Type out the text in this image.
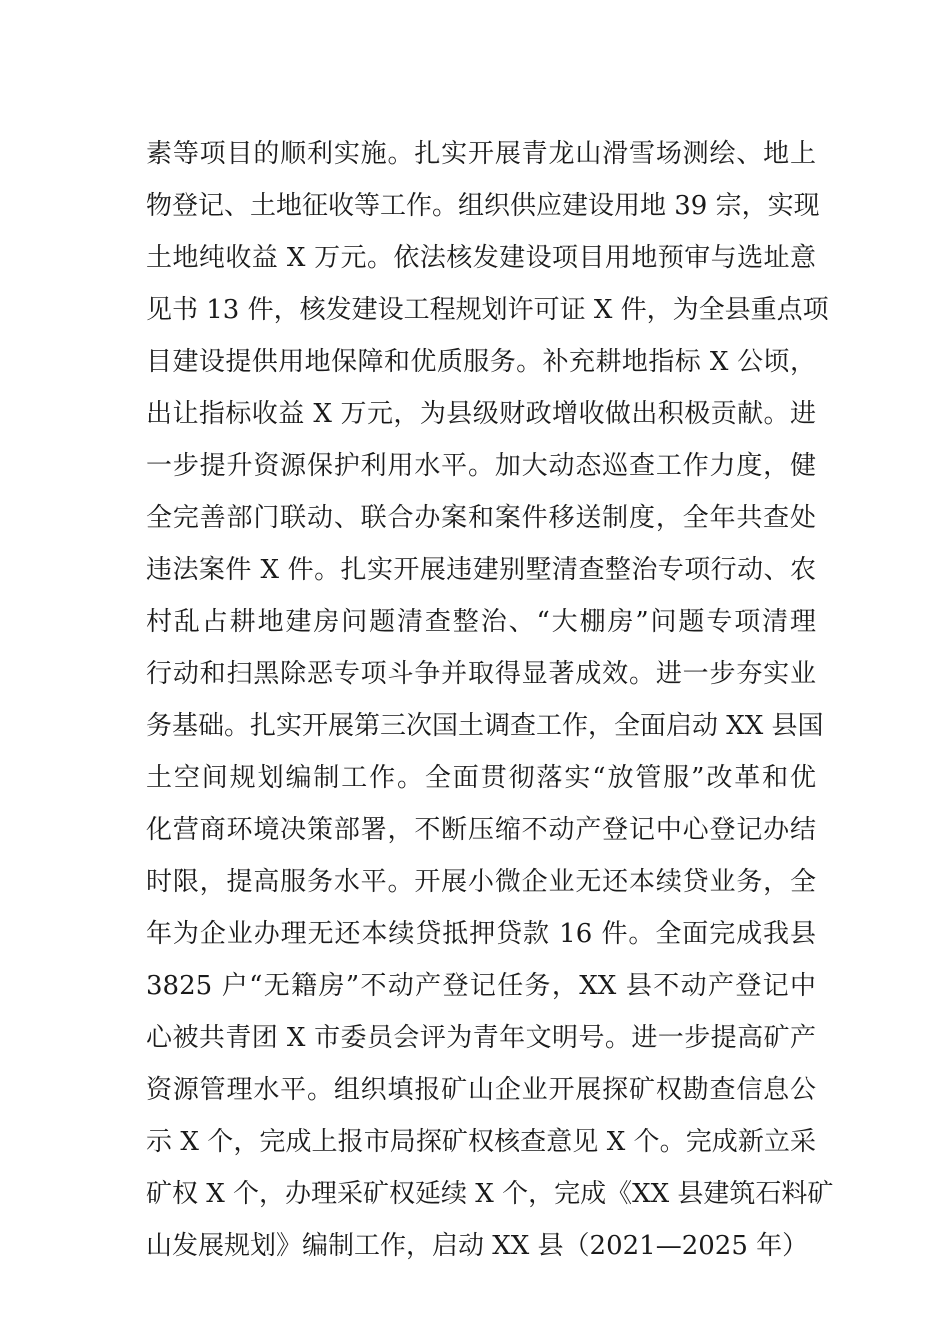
素等项目的顺利实施。扎实开展青龙山滑雪场测绘、地上
物登记、土地征收等工作。组织供应建设用地 39 宗，实现
土地纯收益 X 万元。依法核发建设项目用地预审与选址意
见书 13 件，核发建设工程规划许可证 X 件，为全县重点项
目建设提供用地保障和优质服务。补充耕地指标 X 公顷，
出让指标收益 X 万元，为县级财政增收做出积极贡献。进
一步提升资源保护利用水平。加大动态巡查工作力度，健
全完善部门联动、联合办案和案件移送制度，全年共查处
违法案件 X 件。扎实开展违建别墅清查整治专项行动、农
村乱占耕地建房问题清查整治、“大棚房”问题专项清理
行动和扫黑除恶专项斗争并取得显著成效。进一步夯实业
务基础。扎实开展第三次国土调查工作，全面启动 XX 县国
土空间规划编制工作。全面贯彻落实“放管服”改革和优
化营商环境决策部署，不断压缩不动产登记中心登记办结
时限，提高服务水平。开展小微企业无还本续贷业务，全
年为企业办理无还本续贷抵押贷款 16 件。全面完成我县
3825 户“无籍房”不动产登记任务，XX 县不动产登记中
心被共青团 X 市委员会评为青年文明号。进一步提高矿产
资源管理水平。组织填报矿山企业开展探矿权勘查信息公
示 X 个，完成上报市局探矿权核查意见 X 个。完成新立采
矿权 X 个，办理采矿权延续 X 个，完成《XX 县建筑石料矿
山发展规划》编制工作，启动 XX 县（2021—2025 年）
